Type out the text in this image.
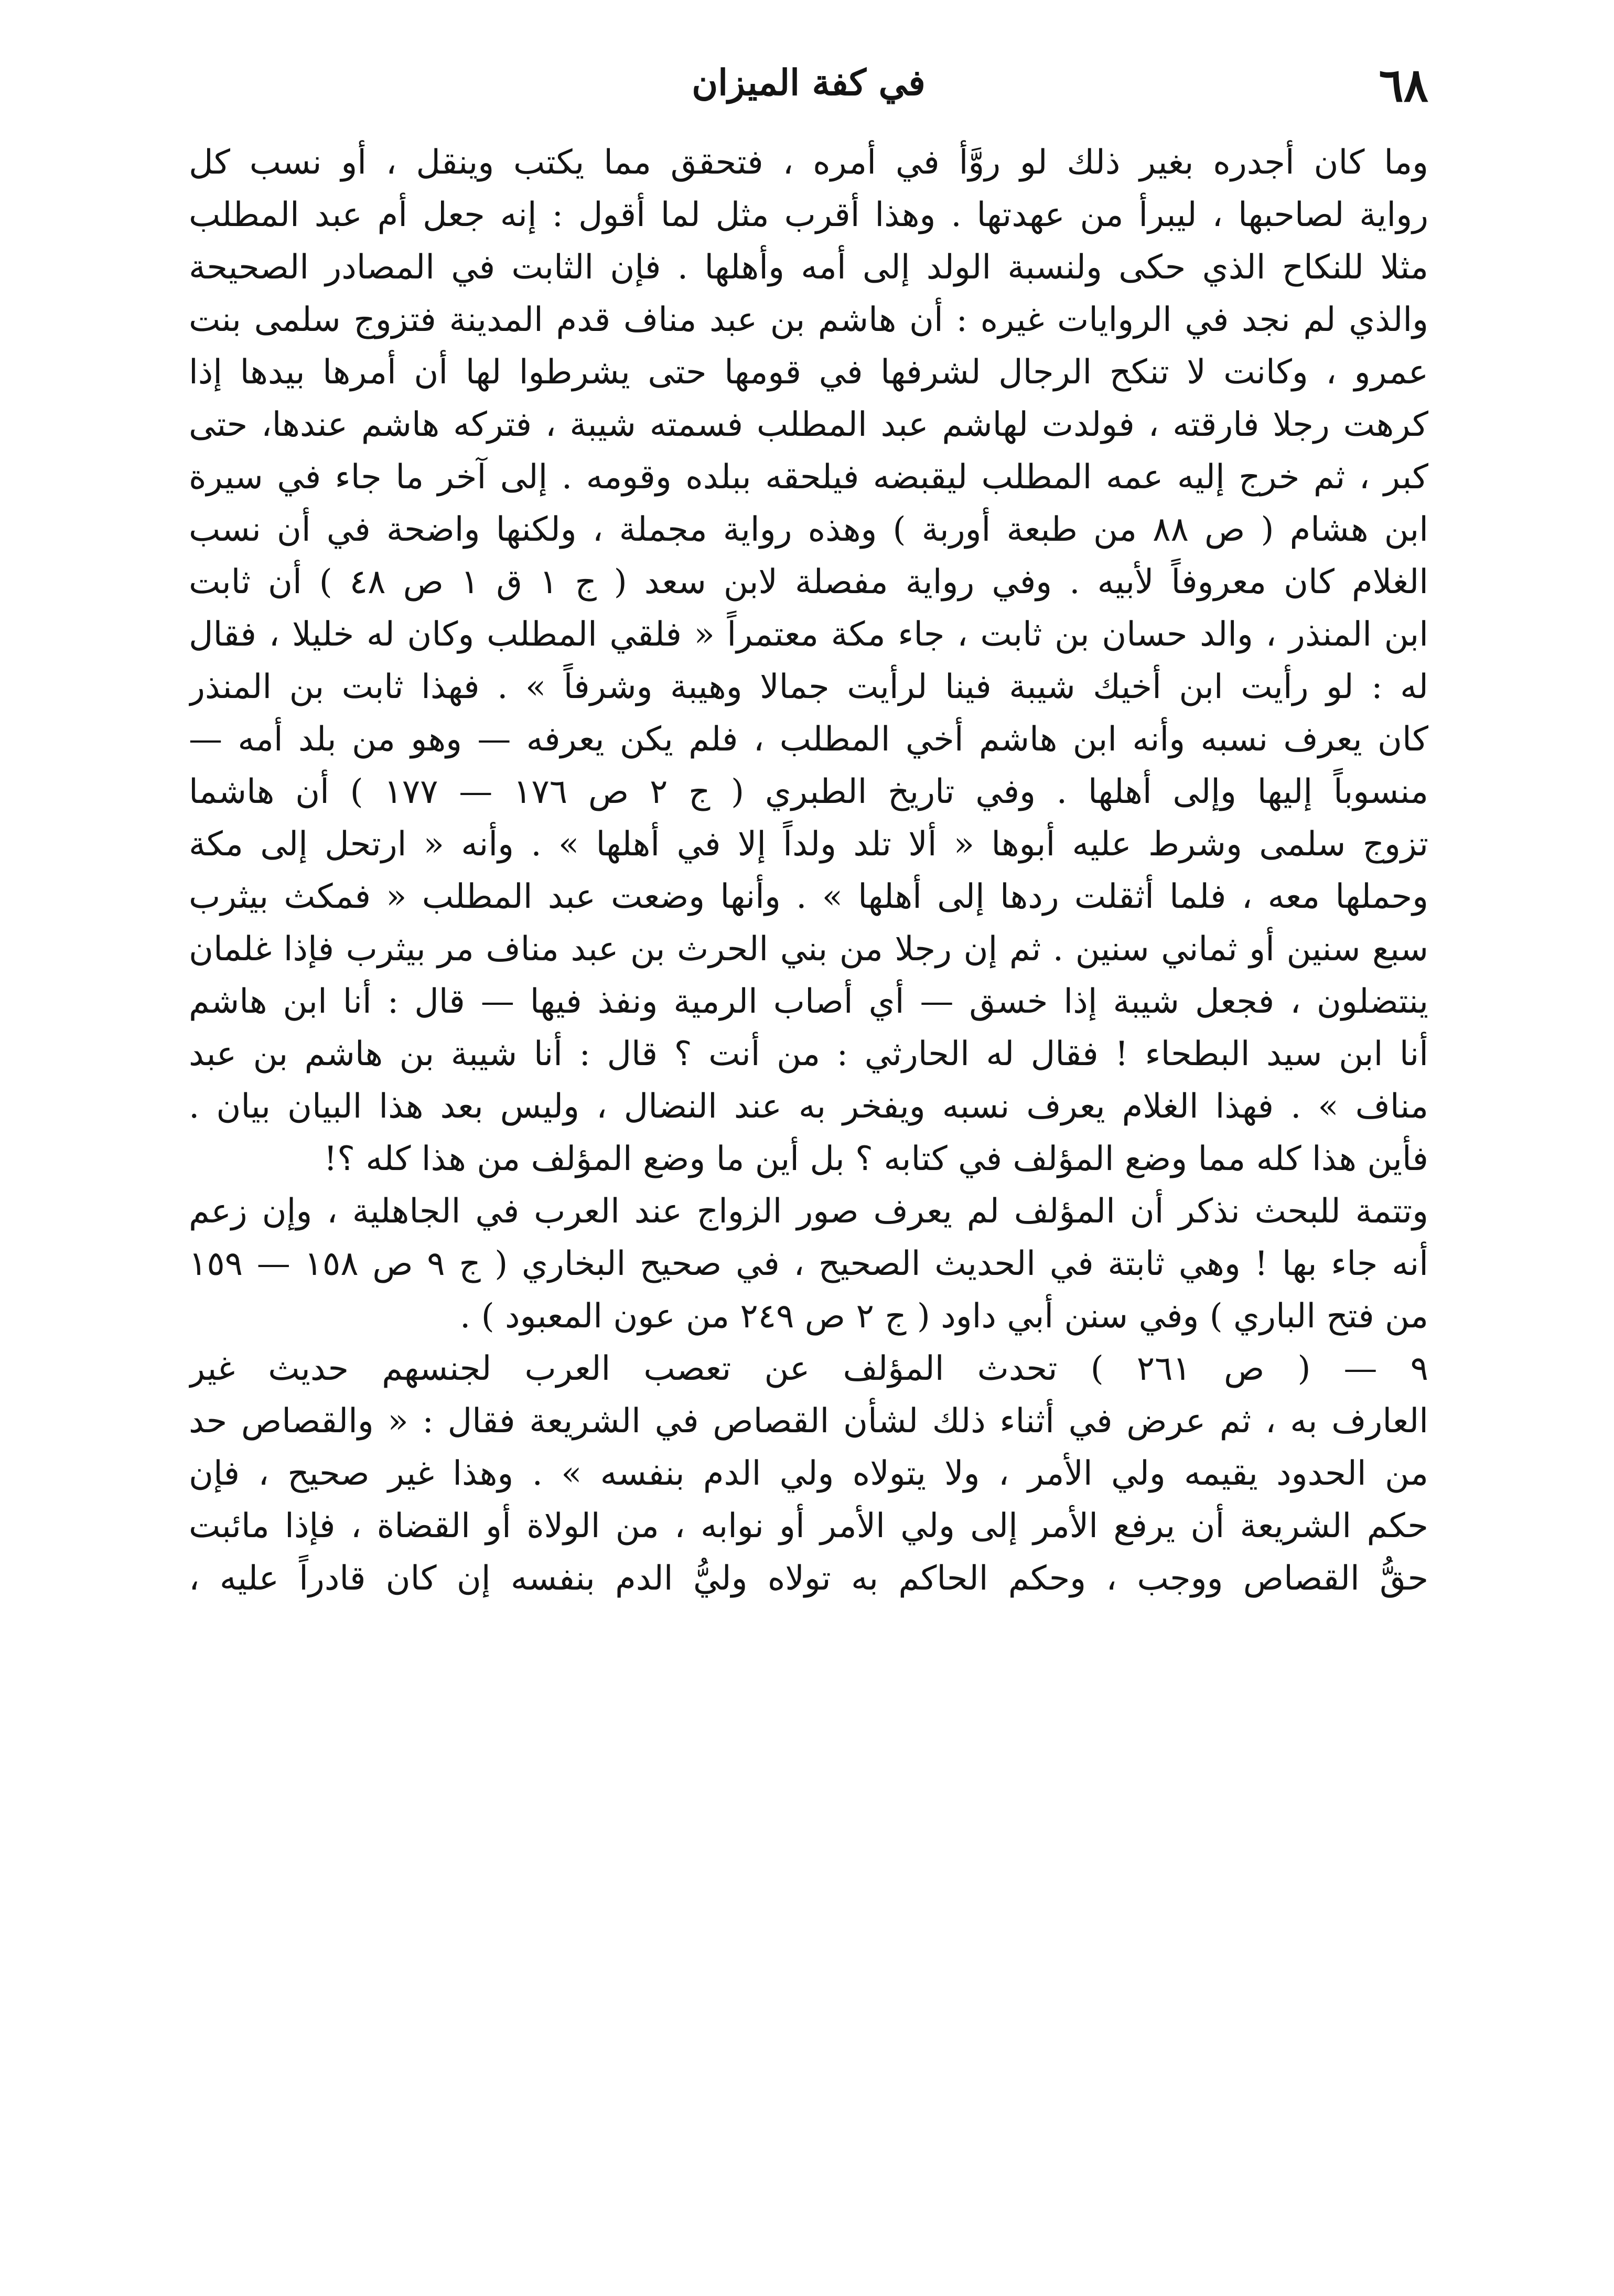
٦٨
في كفة الميزان
وما كان أجدره بغير ذلك لو روَّأ في أمره ، فتحقق مما يكتب وينقل ، أو نسب كل
رواية لصاحبها ، ليبرأ من عهدتها . وهذا أقرب مثل لما أقول : إنه جعل أم عبد المطلب
مثلا للنكاح الذي حكى ولنسبة الولد إلى أمه وأهلها . فإن الثابت في المصادر الصحيحة
والذي لم نجد في الروايات غيره : أن هاشم بن عبد مناف قدم المدينة فتزوج سلمى بنت
عمرو ، وكانت لا تنكح الرجال لشرفها في قومها حتى يشرطوا لها أن أمرها بيدها إذا
كرهت رجلا فارقته ، فولدت لهاشم عبد المطلب فسمته شيبة ، فتركه هاشم عندها، حتى
كبر ، ثم خرج إليه عمه المطلب ليقبضه فيلحقه ببلده وقومه . إلى آخر ما جاء في سيرة
ابن هشام ( ص ٨٨ من طبعة أوربة ) وهذه رواية مجملة ، ولكنها واضحة في أن نسب
الغلام كان معروفاً لأبيه . وفي رواية مفصلة لابن سعد ( ج ١ ق ١ ص ٤٨ ) أن ثابت
ابن المنذر ، والد حسان بن ثابت ، جاء مكة معتمراً « فلقي المطلب وكان له خليلا ، فقال
له : لو رأيت ابن أخيك شيبة فينا لرأيت جمالا وهيبة وشرفاً » . فهذا ثابت بن المنذر
كان يعرف نسبه وأنه ابن هاشم أخي المطلب ، فلم يكن يعرفه — وهو من بلد أمه —
منسوباً إليها وإلى أهلها . وفي تاريخ الطبري ( ج ٢ ص ١٧٦ — ١٧٧ ) أن هاشما
تزوج سلمى وشرط عليه أبوها « ألا تلد ولداً إلا في أهلها » . وأنه « ارتحل إلى مكة
وحملها معه ، فلما أثقلت ردها إلى أهلها » . وأنها وضعت عبد المطلب « فمكث بيثرب
سبع سنين أو ثماني سنين . ثم إن رجلا من بني الحرث بن عبد مناف مر بيثرب فإذا غلمان
ينتضلون ، فجعل شيبة إذا خسق — أي أصاب الرمية ونفذ فيها — قال : أنا ابن هاشم
أنا ابن سيد البطحاء ! فقال له الحارثي : من أنت ؟ قال : أنا شيبة بن هاشم بن عبد
مناف » . فهذا الغلام يعرف نسبه ويفخر به عند النضال ، وليس بعد هذا البيان بيان .
فأين هذا كله مما وضع المؤلف في كتابه ؟ بل أين ما وضع المؤلف من هذا كله ؟!
وتتمة للبحث نذكر أن المؤلف لم يعرف صور الزواج عند العرب في الجاهلية ، وإن زعم
أنه جاء بها ! وهي ثابتة في الحديث الصحيح ، في صحيح البخاري ( ج ٩ ص ١٥٨ — ١٥٩
من فتح الباري ) وفي سنن أبي داود ( ج ٢ ص ٢٤٩ من عون المعبود ) .
٩ — ( ص ٢٦١ ) تحدث المؤلف عن تعصب العرب لجنسهم حديث غير
العارف به ، ثم عرض في أثناء ذلك لشأن القصاص في الشريعة فقال : « والقصاص حد
من الحدود يقيمه ولي الأمر ، ولا يتولاه ولي الدم بنفسه » . وهذا غير صحيح ، فإن
حكم الشريعة أن يرفع الأمر إلى ولي الأمر أو نوابه ، من الولاة أو القضاة ، فإذا مائبت
حقُّ القصاص ووجب ، وحكم الحاكم به تولاه وليُّ الدم بنفسه إن كان قادراً عليه ،
